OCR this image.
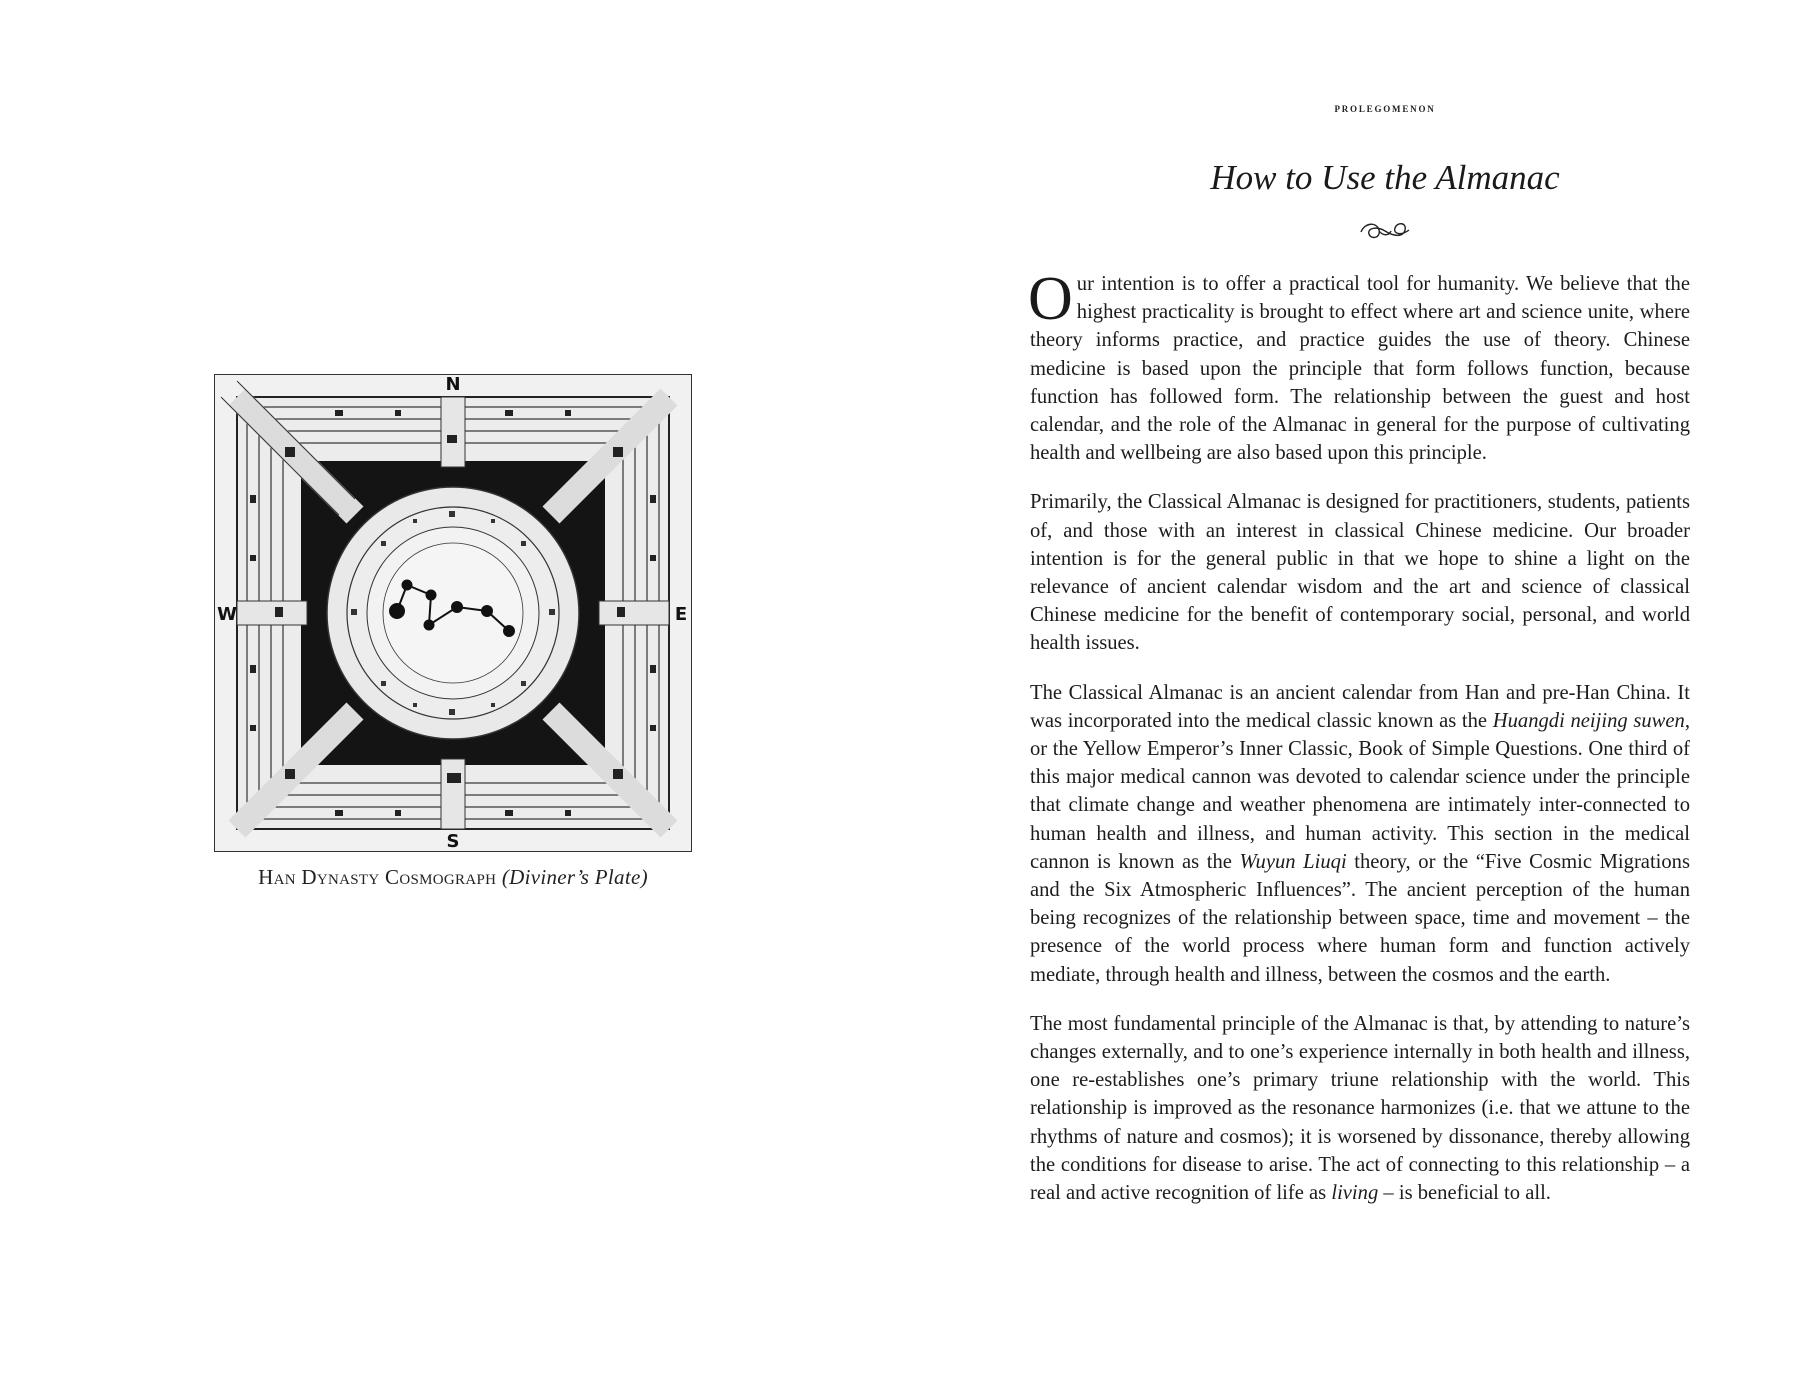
N
S
W	E
Han Dynasty Cosmograph (Diviner’s Plate)
prolegomenon
How to Use the Almanac

Our intention is to offer a practical tool for humanity. We believe that the highest practicality is brought to effect where art and science unite, where theory informs practice, and practice guides the use of theory. Chinese medicine is based upon the principle that form follows function, because function has followed form. The relationship between the guest and host calendar, and the role of the Almanac in general for the purpose of cultivating health and wellbeing are also based upon this principle.

Primarily, the Classical Almanac is designed for practitioners, students, patients of, and those with an interest in classical Chinese medicine. Our broader intention is for the general public in that we hope to shine a light on the relevance of ancient calendar wisdom and the art and science of classical Chinese medicine for the benefit of contemporary social, personal, and world health issues.

The Classical Almanac is an ancient calendar from Han and pre-Han China. It was incorporated into the medical classic known as the Huangdi neijing suwen, or the Yellow Emperor’s Inner Classic, Book of Simple Questions. One third of this major medical cannon was devoted to calendar science under the principle that climate change and weather phenomena are intimately inter-connected to human health and illness, and human activity. This section in the medical cannon is known as the Wuyun Liuqi theory, or the “Five Cosmic Migrations and the Six Atmospheric Influences”. The ancient perception of the human being recognizes of the relationship between space, time and movement – the presence of the world process where human form and function actively mediate, through health and illness, between the cosmos and the earth.

The most fundamental principle of the Almanac is that, by attending to nature’s changes externally, and to one’s experience internally in both health and illness, one re-establishes one’s primary triune relationship with the world. This relationship is improved as the resonance harmonizes (i.e. that we attune to the rhythms of nature and cosmos); it is worsened by dissonance, thereby allowing the conditions for disease to arise. The act of connecting to this relationship – a real and active recognition of life as living – is beneficial to all.
